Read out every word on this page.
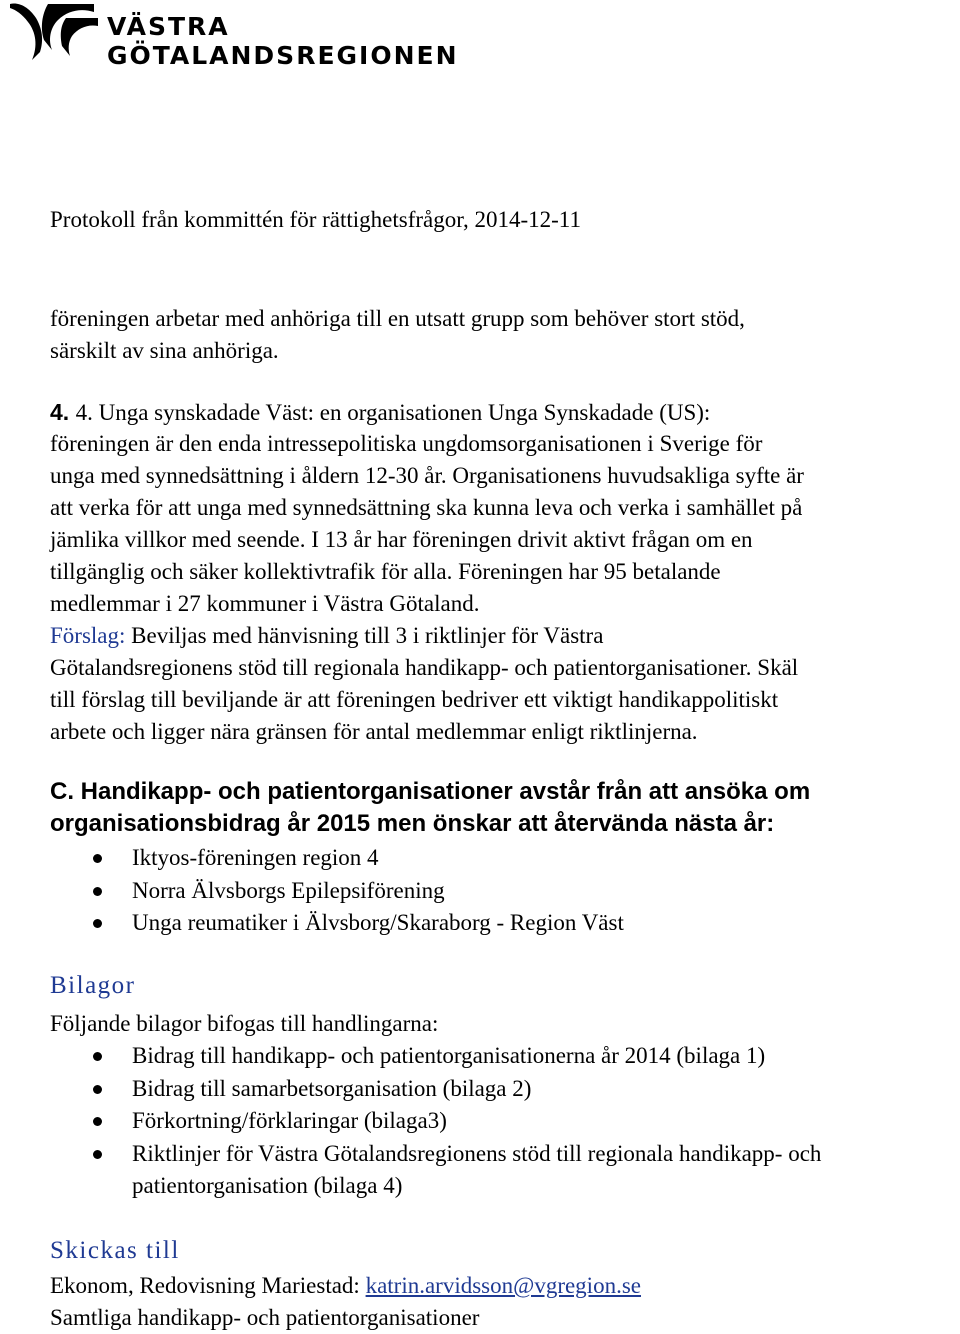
VÄSTRA
GÖTALANDSREGIONEN
Protokoll från kommittén för rättighetsfrågor, 2014-12-11
föreningen arbetar med anhöriga till en utsatt grupp som behöver stort stöd,
särskilt av sina anhöriga.
4. 4. Unga synskadade Väst: en organisationen Unga Synskadade (US):
föreningen är den enda intressepolitiska ungdomsorganisationen i Sverige för
unga med synnedsättning i åldern 12-30 år. Organisationens huvudsakliga syfte är
att verka för att unga med synnedsättning ska kunna leva och verka i samhället på
jämlika villkor med seende. I 13 år har föreningen drivit aktivt frågan om en
tillgänglig och säker kollektivtrafik för alla. Föreningen har 95 betalande
medlemmar i 27 kommuner i Västra Götaland.
Förslag: Beviljas med hänvisning till 3 i riktlinjer för Västra
Götalandsregionens stöd till regionala handikapp- och patientorganisationer. Skäl
till förslag till beviljande är att föreningen bedriver ett viktigt handikappolitiskt
arbete och ligger nära gränsen för antal medlemmar enligt riktlinjerna.
C. Handikapp- och patientorganisationer avstår från att ansöka om
organisationsbidrag år 2015 men önskar att återvända nästa år:
Iktyos-föreningen region 4
Norra Älvsborgs Epilepsiförening
Unga reumatiker i Älvsborg/Skaraborg - Region Väst
Bilagor
Följande bilagor bifogas till handlingarna:
Bidrag till handikapp- och patientorganisationerna år 2014 (bilaga 1)
Bidrag till samarbetsorganisation (bilaga 2)
Förkortning/förklaringar (bilaga3)
Riktlinjer för Västra Götalandsregionens stöd till regionala handikapp- och
patientorganisation (bilaga 4)
Skickas till
Ekonom, Redovisning Mariestad: katrin.arvidsson@vgregion.se
Samtliga handikapp- och patientorganisationer
